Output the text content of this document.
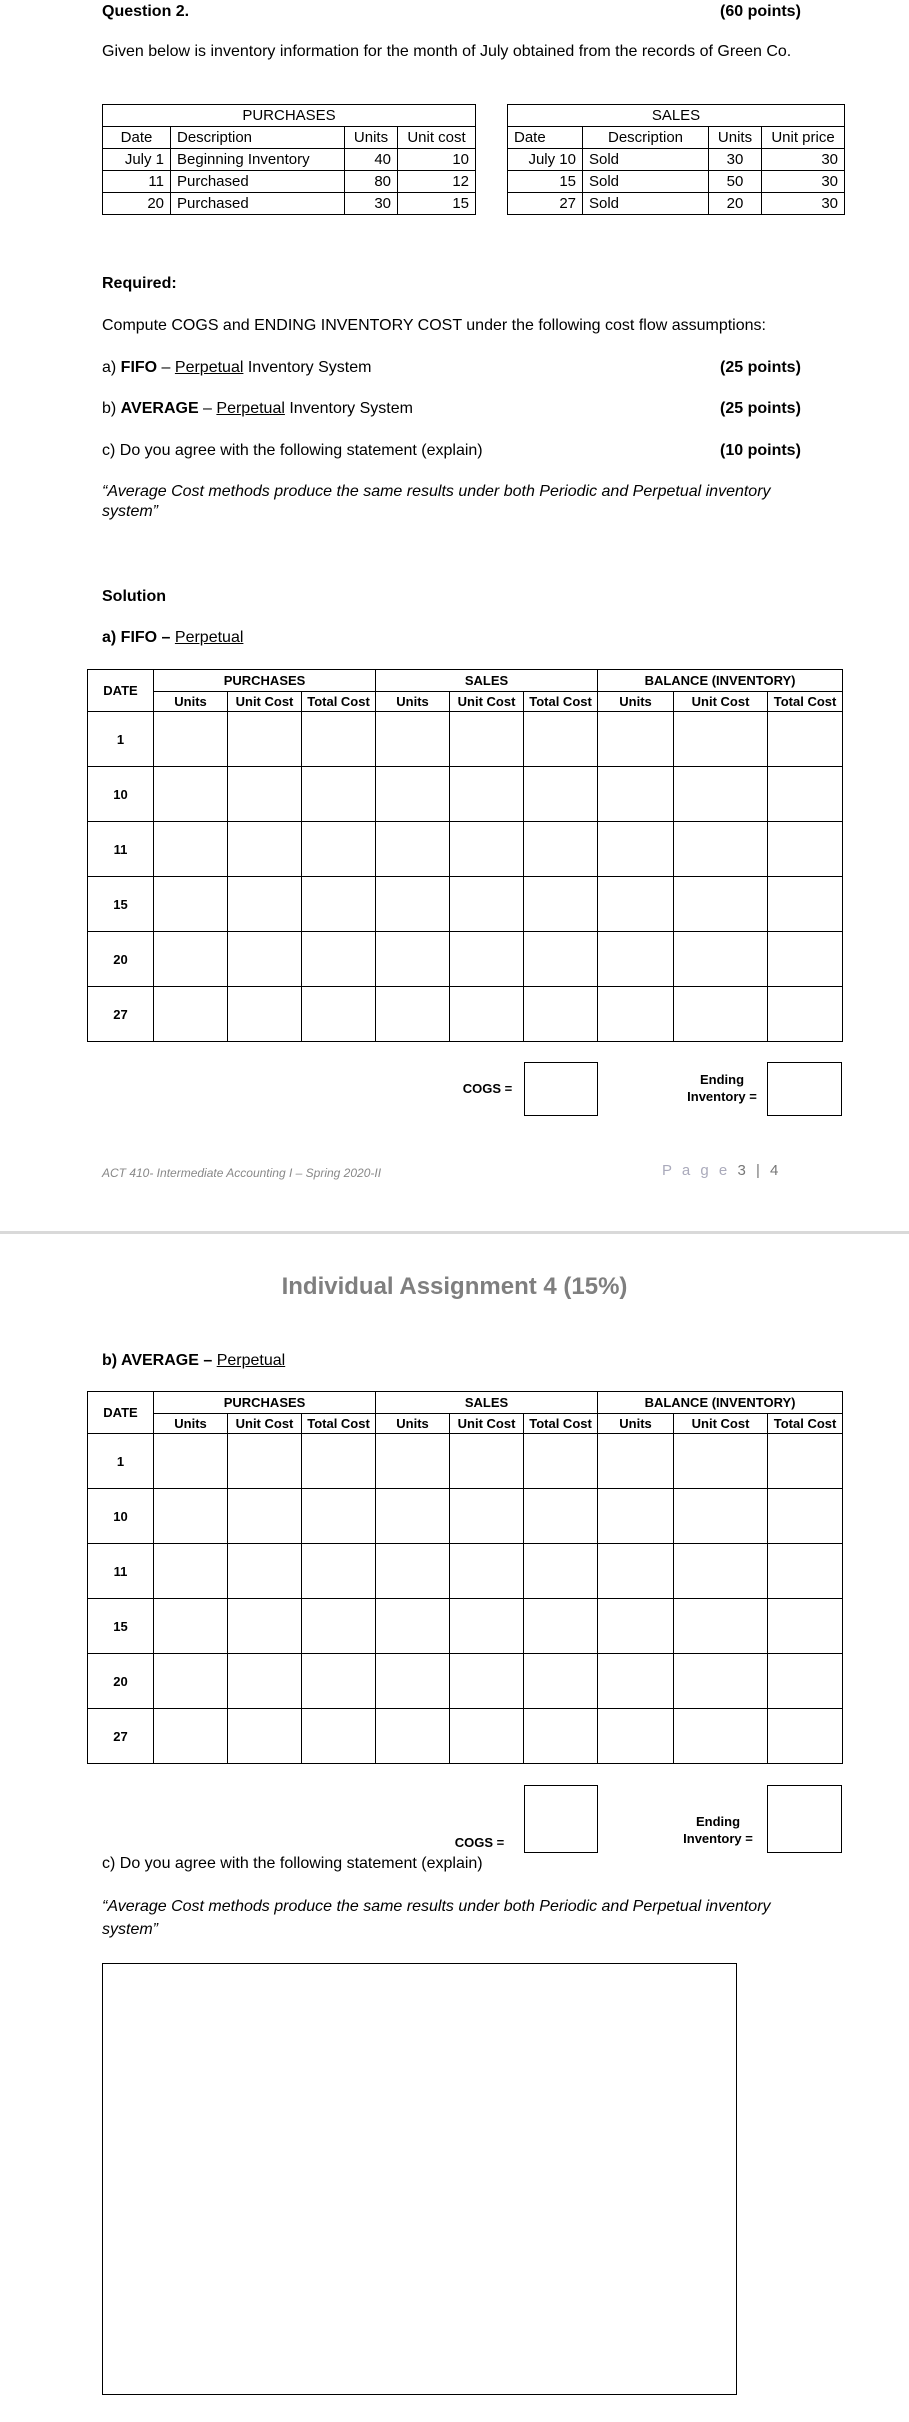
Question 2.	(60 points)
Given below is inventory information for the month of July obtained from the records of Green Co.
PURCHASES			
Date	Description	Units	Unit cost
July 1	Beginning Inventory	40	10
11	Purchased	80	12
20	Purchased	30	15
SALES			
Date	Description	Units	Unit price
July 10	Sold	30	30
15	Sold	50	30
27	Sold	20	30
Required:
Compute COGS and ENDING INVENTORY COST under the following cost flow assumptions:
a) FIFO – Perpetual Inventory System	(25 points)
b) AVERAGE – Perpetual Inventory System	(25 points)
c) Do you agree with the following statement (explain)	(10 points)
“Average Cost methods produce the same results under both Periodic and Perpetual inventory system”
Solution
a) FIFO – Perpetual
DATE	PURCHASES			SALES			BALANCE (INVENTORY)		
	Units	Unit Cost	Total Cost	Units	Unit Cost	Total Cost	Units	Unit Cost	Total Cost
1									
10									
11									
15									
20									
27									
COGS =
Ending
Inventory =
ACT 410- Intermediate Accounting I – Spring 2020-II	P a g e 3 | 4
Individual Assignment 4 (15%)
b) AVERAGE – Perpetual
DATE	PURCHASES			SALES			BALANCE (INVENTORY)		
	Units	Unit Cost	Total Cost	Units	Unit Cost	Total Cost	Units	Unit Cost	Total Cost
1									
10									
11									
15									
20									
27									
COGS =
Ending
Inventory =
c) Do you agree with the following statement (explain)
“Average Cost methods produce the same results under both Periodic and Perpetual inventory system”
